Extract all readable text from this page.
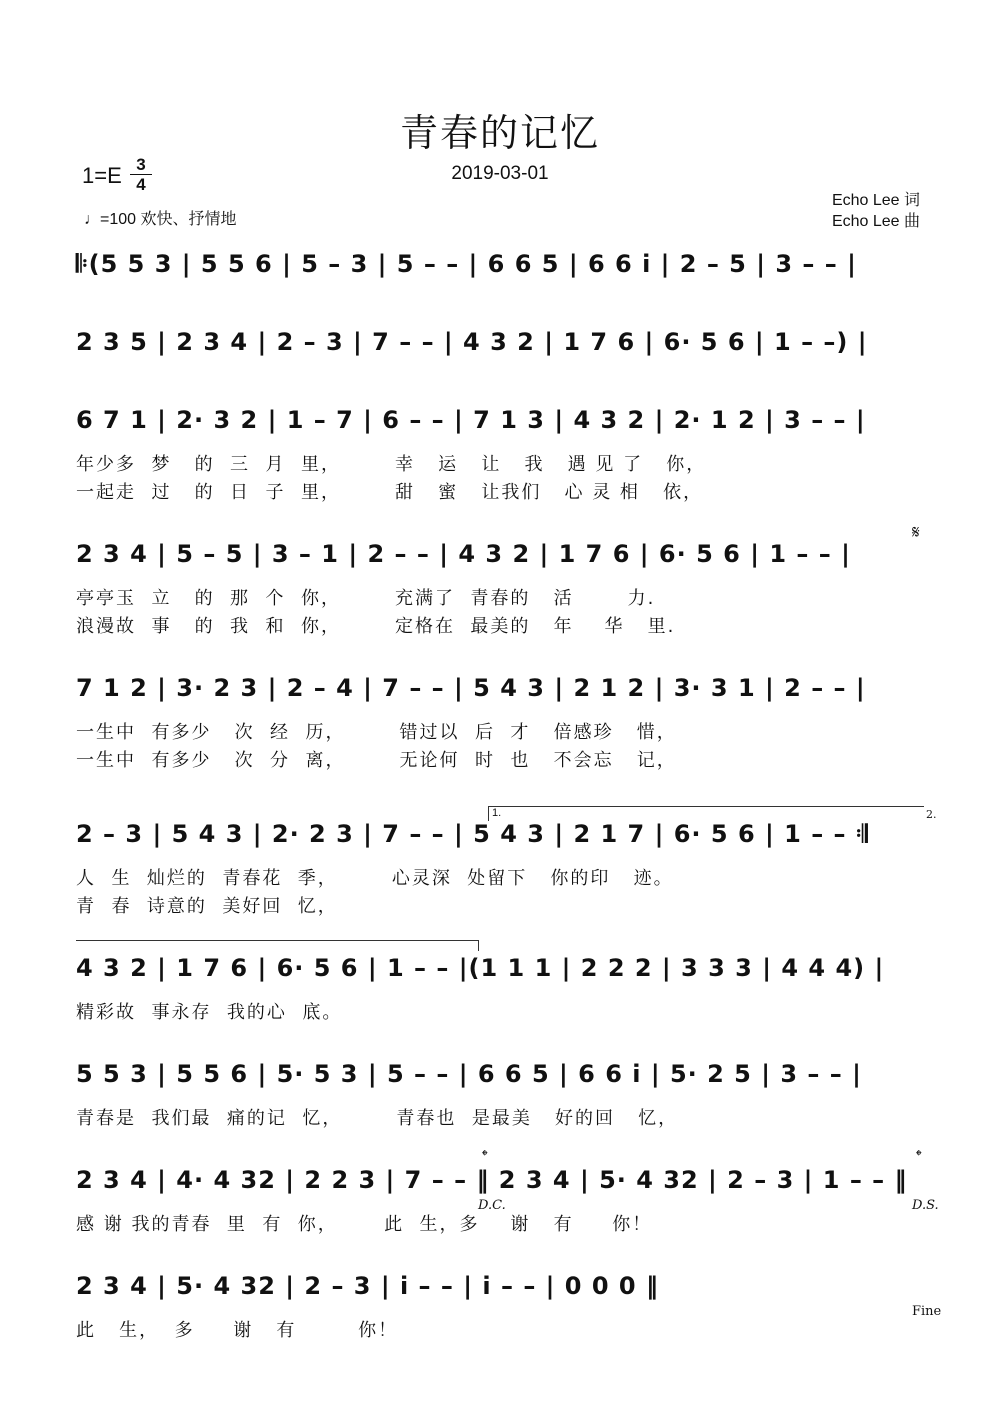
青春的记忆
2019-03-01
1=E 3
4
♩=100 欢快、抒情地
Echo Lee 词
Echo Lee 曲
𝄆(5 5 3 | 5 5 6 | 5 – 3 | 5 – – | 6 6 5 | 6 6 i | 2 – 5 | 3 – – |
2 3 5 | 2 3 4 | 2 – 3 | 7 – – | 4 3 2 | 1 7 6 | 6· 5 6 | 1 – –) |
6 7 1 | 2· 3 2 | 1 – 7 | 6 – – | 7 1 3 | 4 3 2 | 2· 1 2 | 3 – – |
年少多  梦   的  三  月  里，       幸   运   让   我   遇 见 了   你，
一起走  过   的  日  子  里，       甜   蜜   让我们   心 灵 相   依，
2 3 4 | 5 – 5 | 3 – 1 | 2 – – | 4 3 2 | 1 7 6 | 6· 5 6 | 1 – – |
亭亭玉  立   的  那  个  你，       充满了  青春的   活       力.
浪漫故  事   的  我  和  你，       定格在  最美的   年    华   里.
𝄋
7 1 2 | 3· 2 3 | 2 – 4 | 7 – – | 5 4 3 | 2 1 2 | 3· 3 1 | 2 – – |
一生中  有多少   次  经  历，       错过以  后  才   倍感珍   惜，
一生中  有多少   次  分  离，       无论何  时  也   不会忘   记，
1.	2.
2 – 3 | 5 4 3 | 2· 2 3 | 7 – – | 5 4 3 | 2 1 7 | 6· 5 6 | 1 – – 𝄇
人  生  灿烂的  青春花  季，       心灵深  处留下   你的印   迹。
青  春  诗意的  美好回  忆，
4 3 2 | 1 7 6 | 6· 5 6 | 1 – – |(1 1 1 | 2 2 2 | 3 3 3 | 4 4 4) |
精彩故  事永存  我的心  底。
5 5 3 | 5 5 6 | 5· 5 3 | 5 – – | 6 6 5 | 6 6 i | 5· 2 5 | 3 – – |
青春是  我们最  痛的记  忆，       青春也  是最美   好的回   忆，
𝄌	𝄌
2 3 4 | 4· 4 32 | 2 2 3 | 7 – – ‖ 2 3 4 | 5· 4 32 | 2 – 3 | 1 – – ‖
D.C.	D.S.
感 谢 我的青春  里  有  你，      此  生，多    谢   有     你！
2 3 4 | 5· 4 32 | 2 – 3 | i – – | i – – | 0 0 0 ‖
Fine
此   生，  多     谢   有        你！
